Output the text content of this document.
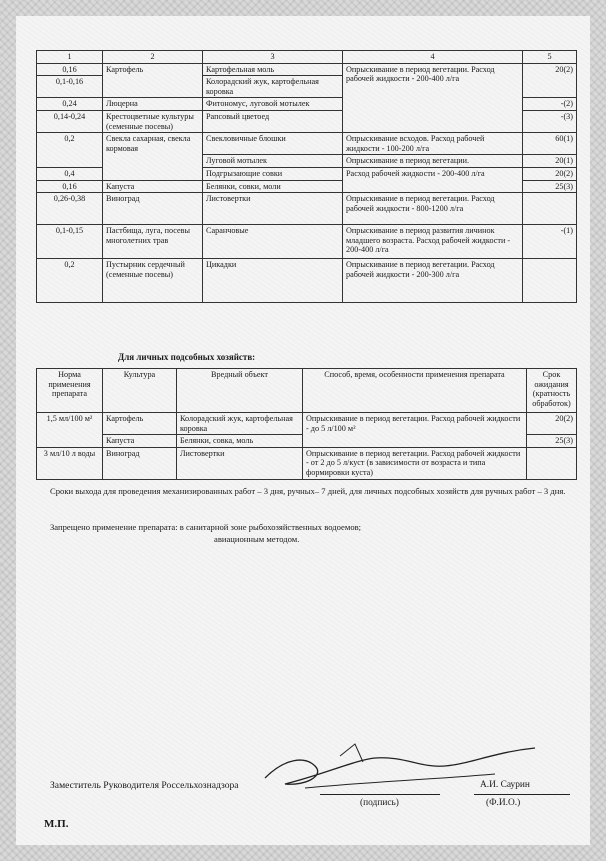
1	2	3	4	5
0,16	Картофель	Картофельная моль	Опрыскивание в период вегетации. Расход рабочей жидкости - 200-400 л/га	20(2)
0,1-0,16		Колорадский жук, картофельная коровка		
0,24	Люцерна	Фитономус, луговой мотылек		-(2)
0,14-0,24	Крестоцветные культуры (семенные посевы)	Рапсовый цветоед		-(3)
0,2	Свекла сахарная, свекла кормовая	Свекловичные блошки	Опрыскивание всходов. Расход рабочей жидкости - 100-200 л/га	60(1)
		Луговой мотылек	Опрыскивание в период вегетации.	20(1)
0,4		Подгрызающие совки	Расход рабочей жидкости - 200-400 л/га	20(2)
0,16	Капуста	Белянки, совки, моли		25(3)
0,26-0,38	Виноград	Листовертки	Опрыскивание в период вегетации. Расход рабочей жидкости - 800-1200 л/га	
0,1-0,15	Пастбища, луга, посевы многолетних трав	Саранчовые	Опрыскивание в период развития личинок младшего возраста. Расход рабочей жидкости - 200-400 л/га	-(1)
0,2	Пустырник сердечный (семенные посевы)	Цикадки	Опрыскивание в период вегетации. Расход рабочей жидкости - 200-300 л/га	
Для личных подсобных хозяйств:
Норма применения препарата	Культура	Вредный объект	Способ, время, особенности применения препарата	Срок ожидания (кратность обработок)
1,5 мл/100 м²	Картофель	Колорадский жук, картофельная коровка	Опрыскивание в период вегетации. Расход рабочей жидкости - до 5 л/100 м²	20(2)
	Капуста	Белянки, совка, моль		25(3)
3 мл/10 л воды	Виноград	Листовертки	Опрыскивание в период вегетации. Расход рабочей жидкости - от 2 до 5 л/куст (в зависимости от возраста и типа формировки куста)	
Сроки выхода для проведения механизированных работ – 3 дня, ручных– 7 дней, для личных подсобных хозяйств для ручных работ – 3 дня.
Запрещено применение препарата: в санитарной зоне рыбохозяйственных водоемов;
авиационным методом.
Заместитель Руководителя Россельхознадзора	А.И. Саурин
(подпись)	(Ф.И.О.)
М.П.
